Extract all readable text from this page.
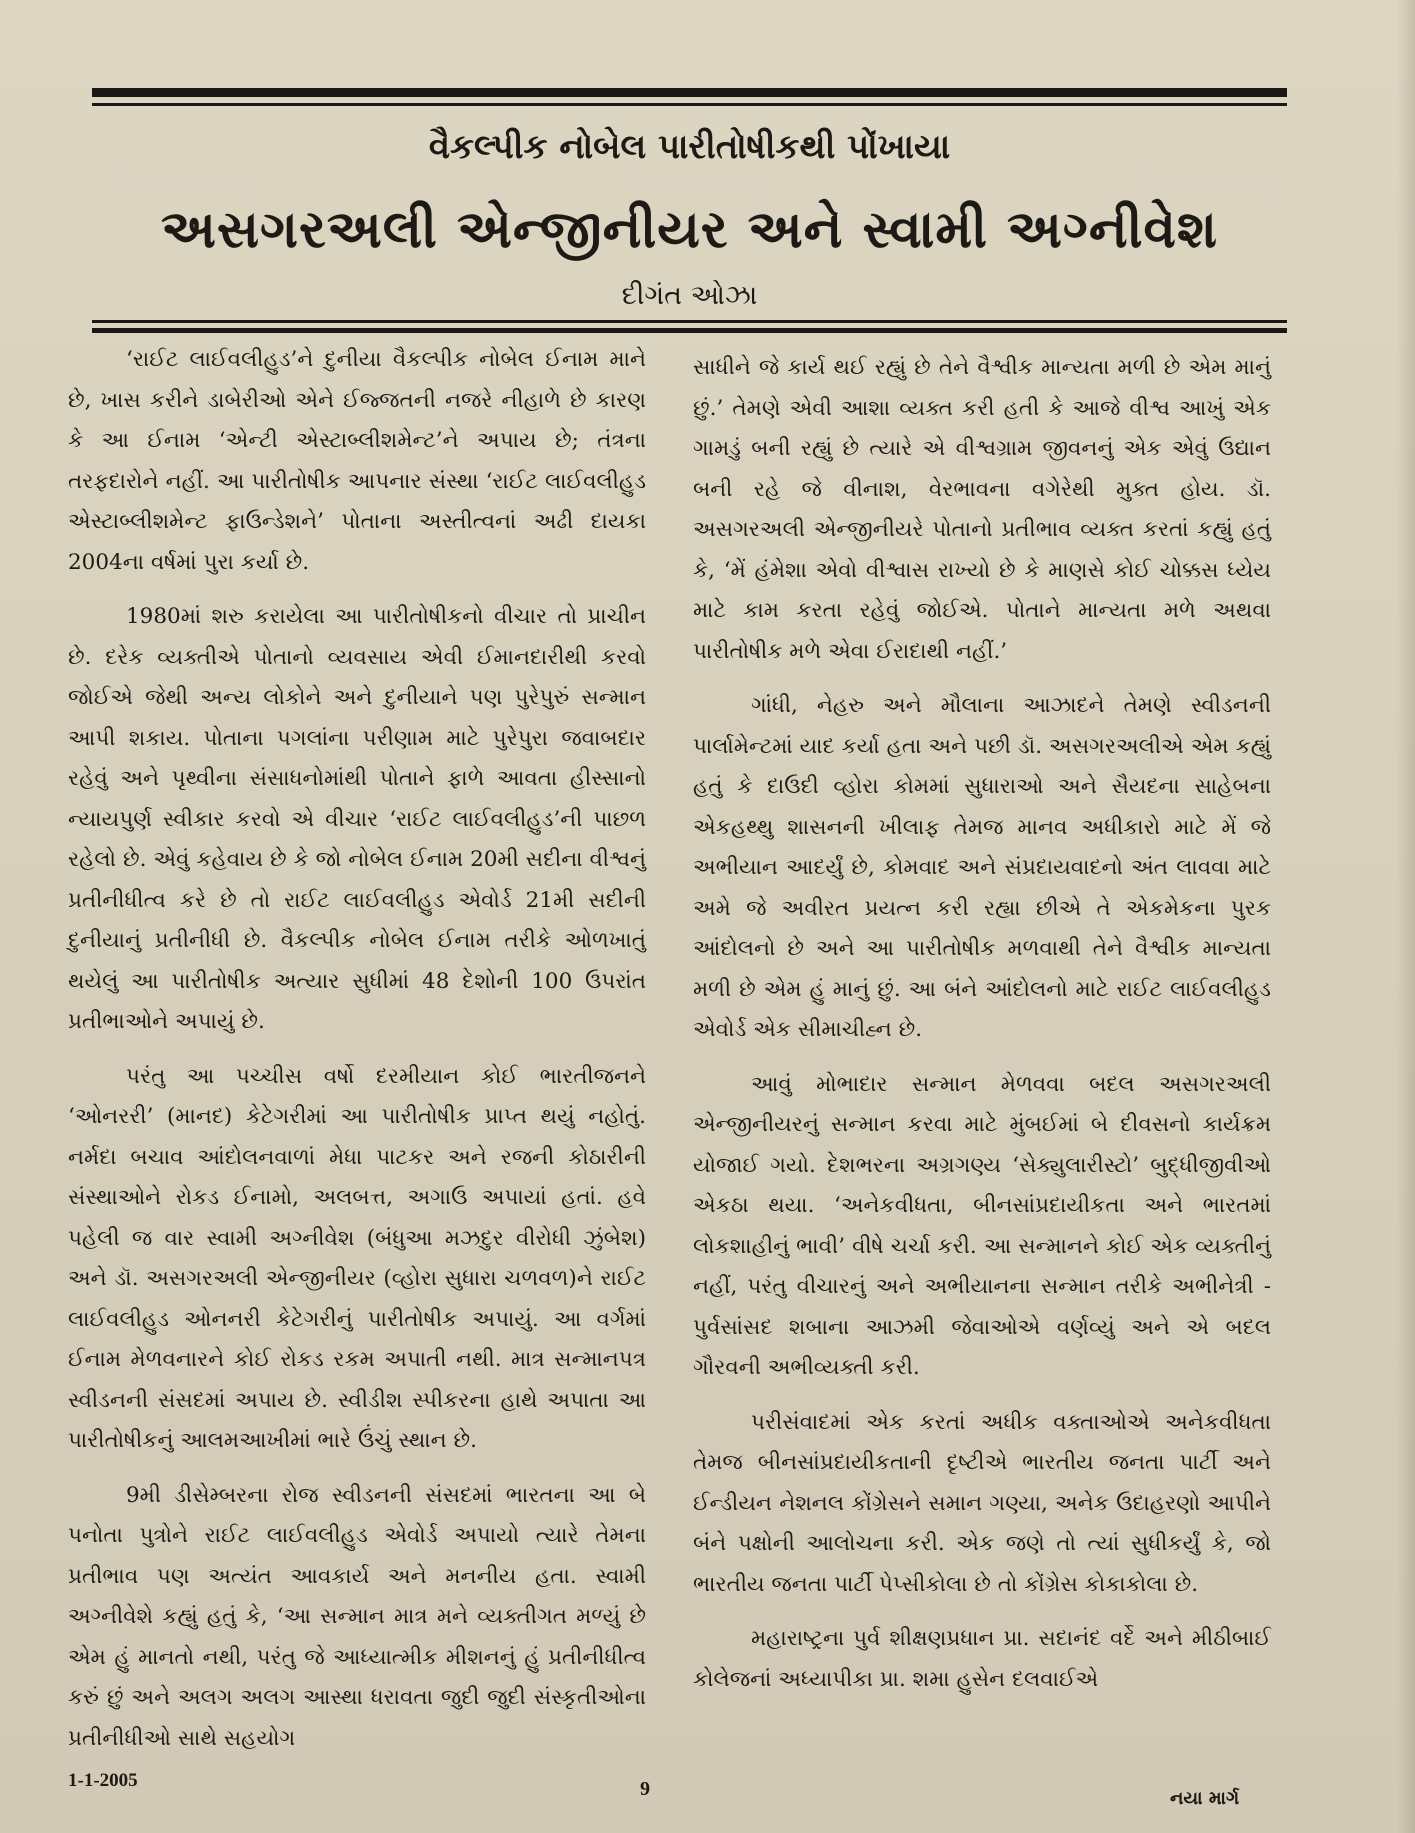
વૈકલ્પીક નોબેલ પારીતોષીકથી પોંખાયા
અસગરઅલી એન્જીનીયર અને સ્વામી અગ્નીવેશ
દીગંત ઓઝા

‘રાઈટ લાઈવલીહુડ’ને દુનીયા વૈકલ્પીક નોબેલ ઈનામ માને છે, ખાસ કરીને ડાબેરીઓ એને ઈજ્જતની નજરે નીહાળે છે કારણ કે આ ઈનામ ‘એન્ટી એસ્ટાબ્લીશમેન્ટ’ને અપાય છે; તંત્રના તરફદારોને નહીં. આ પારીતોષીક આપનાર સંસ્થા ‘રાઈટ લાઈવલીહુડ એસ્ટાબ્લીશમેન્ટ ફાઉન્ડેશને’ પોતાના અસ્તીત્વનાં અઢી દાયકા 2004ના વર્ષમાં પુરા કર્યા છે.

1980માં શરુ કરાયેલા આ પારીતોષીકનો વીચાર તો પ્રાચીન છે. દરેક વ્યક્તીએ પોતાનો વ્યવસાય એવી ઈમાનદારીથી કરવો જોઈએ જેથી અન્ય લોકોને અને દુનીયાને પણ પુરેપુરું સન્માન આપી શકાય. પોતાના પગલાંના પરીણામ માટે પુરેપુરા જવાબદાર રહેવું અને પૃથ્વીના સંસાધનોમાંથી પોતાને ફાળે આવતા હીસ્સાનો ન્યાયપુર્ણ સ્વીકાર કરવો એ વીચાર ‘રાઈટ લાઈવલીહુડ’ની પાછળ રહેલો છે. એવું કહેવાય છે કે જો નોબેલ ઈનામ 20મી સદીના વીશ્વનું પ્રતીનીધીત્વ કરે છે તો રાઈટ લાઈવલીહુડ એવોર્ડ 21મી સદીની દુનીયાનું પ્રતીનીધી છે. વૈકલ્પીક નોબેલ ઈનામ તરીકે ઓળખાતું થયેલું આ પારીતોષીક અત્યાર સુધીમાં 48 દેશોની 100 ઉપરાંત પ્રતીભાઓને અપાયું છે.

પરંતુ આ પચ્ચીસ વર્ષો દરમીયાન કોઈ ભારતીજનને ‘ઓનરરી’ (માનદ) કેટેગરીમાં આ પારીતોષીક પ્રાપ્ત થયું નહોતું. નર્મદા બચાવ આંદોલનવાળાં મેધા પાટકર અને રજની કોઠારીની સંસ્થાઓને રોકડ ઈનામો, અલબત્ત, અગાઉ અપાયાં હતાં. હવે પહેલી જ વાર સ્વામી અગ્નીવેશ (બંધુઆ મઝદુર વીરોધી ઝુંબેશ) અને ડૉ. અસગરઅલી એન્જીનીયર (વ્હોરા સુધારા ચળવળ)ને રાઈટ લાઈવલીહુડ ઓનનરી કેટેગરીનું પારીતોષીક અપાયું. આ વર્ગમાં ઈનામ મેળવનારને કોઈ રોકડ રકમ અપાતી નથી. માત્ર સન્માનપત્ર સ્વીડનની સંસદમાં અપાય છે. સ્વીડીશ સ્પીકરના હાથે અપાતા આ પારીતોષીકનું આલમઆખીમાં ભારે ઉંચું સ્થાન છે.

9મી ડીસેમ્બરના રોજ સ્વીડનની સંસદમાં ભારતના આ બે પનોતા પુત્રોને રાઈટ લાઈવલીહુડ એવોર્ડ અપાયો ત્યારે તેમના પ્રતીભાવ પણ અત્યંત આવકાર્ય અને મનનીય હતા. સ્વામી અગ્નીવેશે કહ્યું હતું કે, ‘આ સન્માન માત્ર મને વ્યક્તીગત મળ્યું છે એમ હું માનતો નથી, પરંતુ જે આધ્યાત્મીક મીશનનું હું પ્રતીનીધીત્વ કરું છું અને અલગ અલગ આસ્થા ધરાવતા જુદી જુદી સંસ્કૃતીઓના પ્રતીનીધીઓ સાથે સહયોગ

સાધીને જે કાર્ય થઈ રહ્યું છે તેને વૈશ્વીક માન્યતા મળી છે એમ માનું છું.’ તેમણે એવી આશા વ્યક્ત કરી હતી કે આજે વીશ્વ આખું એક ગામડું બની રહ્યું છે ત્યારે એ વીશ્વગ્રામ જીવનનું એક એવું ઉદ્યાન બની રહે જે વીનાશ, વેરભાવના વગેરેથી મુક્ત હોય. ડૉ. અસગરઅલી એન્જીનીયરે પોતાનો પ્રતીભાવ વ્યક્ત કરતાં કહ્યું હતું કે, ‘મેં હંમેશા એવો વીશ્વાસ રાખ્યો છે કે માણસે કોઈ ચોક્કસ ધ્યેય માટે કામ કરતા રહેવું જોઈએ. પોતાને માન્યતા મળે અથવા પારીતોષીક મળે એવા ઈરાદાથી નહીં.’

ગાંધી, નેહરુ અને મૌલાના આઝાદને તેમણે સ્વીડનની પાર્લામેન્ટમાં યાદ કર્યા હતા અને પછી ડૉ. અસગરઅલીએ એમ કહ્યું હતું કે દાઉદી વ્હોરા કોમમાં સુધારાઓ અને સૈયદના સાહેબના એકહથ્થુ શાસનની ખીલાફ તેમજ માનવ અધીકારો માટે મેં જે અભીયાન આદર્યું છે, કોમવાદ અને સંપ્રદાયવાદનો અંત લાવવા માટે અમે જે અવીરત પ્રયત્ન કરી રહ્યા છીએ તે એકમેકના પુરક આંદોલનો છે અને આ પારીતોષીક મળવાથી તેને વૈશ્વીક માન્યતા મળી છે એમ હું માનું છું. આ બંને આંદોલનો માટે રાઈટ લાઈવલીહુડ એવોર્ડ એક સીમાચીહ્ન છે.

આવું મોભાદાર સન્માન મેળવવા બદલ અસગરઅલી એન્જીનીયરનું સન્માન કરવા માટે મુંબઈમાં બે દીવસનો કાર્યક્રમ યોજાઈ ગયો. દેશભરના અગ્રગણ્ય ‘સેક્યુલારીસ્ટો’ બુદ્ધીજીવીઓ એકઠા થયા. ‘અનેકવીધતા, બીનસાંપ્રદાયીકતા અને ભારતમાં લોકશાહીનું ભાવી’ વીષે ચર્ચા કરી. આ સન્માનને કોઈ એક વ્યક્તીનું નહીં, પરંતુ વીચારનું અને અભીયાનના સન્માન તરીકે અભીનેત્રી - પુર્વસાંસદ શબાના આઝમી જેવાઓએ વર્ણવ્યું અને એ બદલ ગૌરવની અભીવ્યક્તી કરી.

પરીસંવાદમાં એક કરતાં અધીક વક્તાઓએ અનેકવીધતા તેમજ બીનસાંપ્રદાયીકતાની દૃષ્ટીએ ભારતીય જનતા પાર્ટી અને ઈન્ડીયન નેશનલ કોંગ્રેસને સમાન ગણ્યા, અનેક ઉદાહરણો આપીને બંને પક્ષોની આલોચના કરી. એક જણે તો ત્યાં સુધીકર્યું કે, જો ભારતીય જનતા પાર્ટી પેપ્સીકોલા છે તો કોંગ્રેસ કોકાકોલા છે.

મહારાષ્ટ્રના પુર્વ શીક્ષણપ્રધાન પ્રા. સદાનંદ વર્દે અને મીઠીબાઈ કોલેજનાં અધ્યાપીકા પ્રા. શમા હુસેન દલવાઈએ

1-1-2005	9	નયા માર્ગ
